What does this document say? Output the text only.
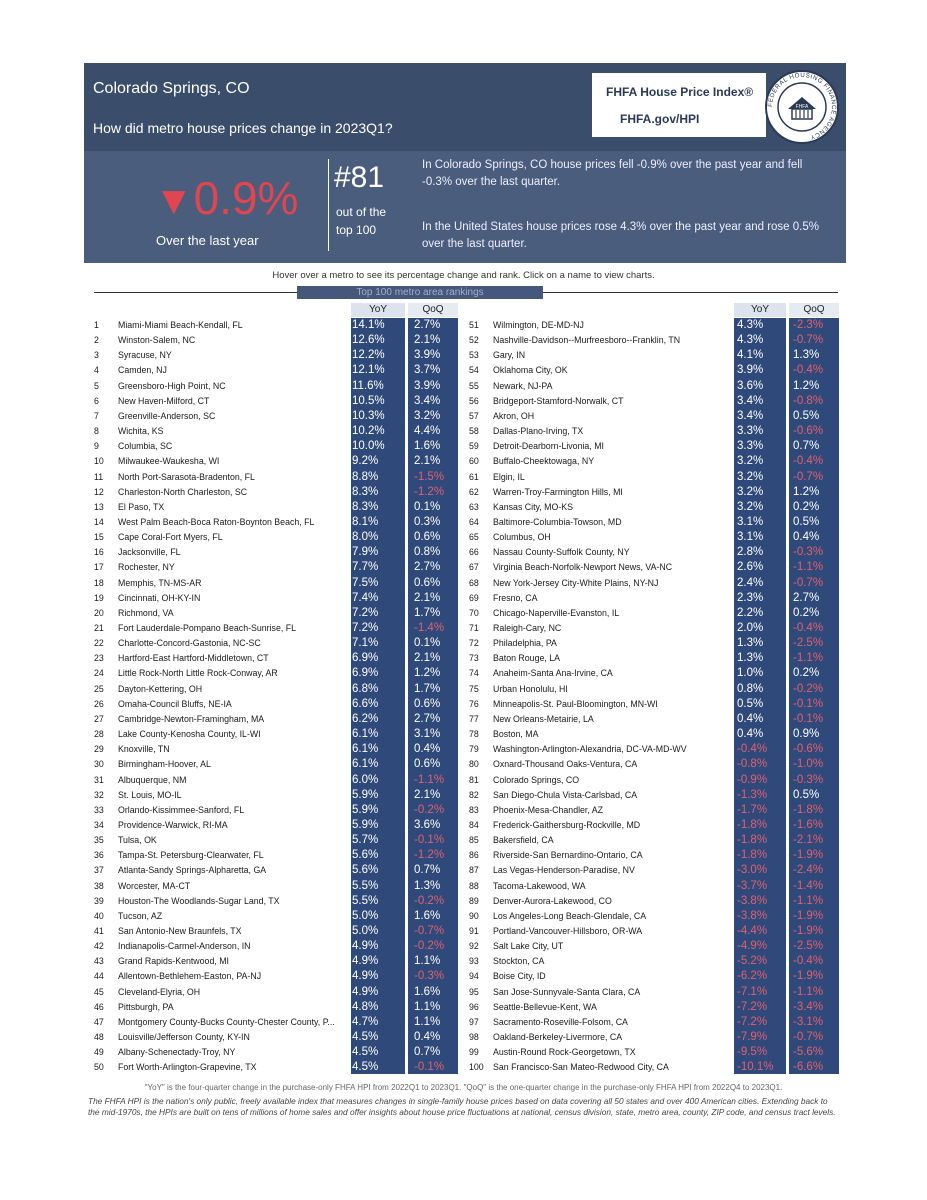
Colorado Springs, CO
How did metro house prices change in 2023Q1?
FHFA House Price Index®
FHFA.gov/HPI
FEDERAL HOUSING FINANCE AGENCY
FHFA
▼0.9%
Over the last year
#81
out of the top 100
In Colorado Springs, CO house prices fell -0.9% over the past year and fell -0.3% over the last quarter.
In the United States house prices rose 4.3% over the past year and rose 0.5% over the last quarter.
Hover over a metro to see its percentage change and rank. Click on a name to view charts.
Top 100 metro area rankings
YoY	QoQ	YoY	QoQ
1	Miami-Miami Beach-Kendall, FL	14.1%	2.7%
2	Winston-Salem, NC	12.6%	2.1%
3	Syracuse, NY	12.2%	3.9%
4	Camden, NJ	12.1%	3.7%
5	Greensboro-High Point, NC	11.6%	3.9%
6	New Haven-Milford, CT	10.5%	3.4%
7	Greenville-Anderson, SC	10.3%	3.2%
8	Wichita, KS	10.2%	4.4%
9	Columbia, SC	10.0%	1.6%
10	Milwaukee-Waukesha, WI	9.2%	2.1%
11	North Port-Sarasota-Bradenton, FL	8.8%	-1.5%
12	Charleston-North Charleston, SC	8.3%	-1.2%
13	El Paso, TX	8.3%	0.1%
14	West Palm Beach-Boca Raton-Boynton Beach, FL	8.1%	0.3%
15	Cape Coral-Fort Myers, FL	8.0%	0.6%
16	Jacksonville, FL	7.9%	0.8%
17	Rochester, NY	7.7%	2.7%
18	Memphis, TN-MS-AR	7.5%	0.6%
19	Cincinnati, OH-KY-IN	7.4%	2.1%
20	Richmond, VA	7.2%	1.7%
21	Fort Lauderdale-Pompano Beach-Sunrise, FL	7.2%	-1.4%
22	Charlotte-Concord-Gastonia, NC-SC	7.1%	0.1%
23	Hartford-East Hartford-Middletown, CT	6.9%	2.1%
24	Little Rock-North Little Rock-Conway, AR	6.9%	1.2%
25	Dayton-Kettering, OH	6.8%	1.7%
26	Omaha-Council Bluffs, NE-IA	6.6%	0.6%
27	Cambridge-Newton-Framingham, MA	6.2%	2.7%
28	Lake County-Kenosha County, IL-WI	6.1%	3.1%
29	Knoxville, TN	6.1%	0.4%
30	Birmingham-Hoover, AL	6.1%	0.6%
31	Albuquerque, NM	6.0%	-1.1%
32	St. Louis, MO-IL	5.9%	2.1%
33	Orlando-Kissimmee-Sanford, FL	5.9%	-0.2%
34	Providence-Warwick, RI-MA	5.9%	3.6%
35	Tulsa, OK	5.7%	-0.1%
36	Tampa-St. Petersburg-Clearwater, FL	5.6%	-1.2%
37	Atlanta-Sandy Springs-Alpharetta, GA	5.6%	0.7%
38	Worcester, MA-CT	5.5%	1.3%
39	Houston-The Woodlands-Sugar Land, TX	5.5%	-0.2%
40	Tucson, AZ	5.0%	1.6%
41	San Antonio-New Braunfels, TX	5.0%	-0.7%
42	Indianapolis-Carmel-Anderson, IN	4.9%	-0.2%
43	Grand Rapids-Kentwood, MI	4.9%	1.1%
44	Allentown-Bethlehem-Easton, PA-NJ	4.9%	-0.3%
45	Cleveland-Elyria, OH	4.9%	1.6%
46	Pittsburgh, PA	4.8%	1.1%
47	Montgomery County-Bucks County-Chester County, P...	4.7%	1.1%
48	Louisville/Jefferson County, KY-IN	4.5%	0.4%
49	Albany-Schenectady-Troy, NY	4.5%	0.7%
50	Fort Worth-Arlington-Grapevine, TX	4.5%	-0.1%
51	Wilmington, DE-MD-NJ	4.3%	-2.3%
52	Nashville-Davidson--Murfreesboro--Franklin, TN	4.3%	-0.7%
53	Gary, IN	4.1%	1.3%
54	Oklahoma City, OK	3.9%	-0.4%
55	Newark, NJ-PA	3.6%	1.2%
56	Bridgeport-Stamford-Norwalk, CT	3.4%	-0.8%
57	Akron, OH	3.4%	0.5%
58	Dallas-Plano-Irving, TX	3.3%	-0.6%
59	Detroit-Dearborn-Livonia, MI	3.3%	0.7%
60	Buffalo-Cheektowaga, NY	3.2%	-0.4%
61	Elgin, IL	3.2%	-0.7%
62	Warren-Troy-Farmington Hills, MI	3.2%	1.2%
63	Kansas City, MO-KS	3.2%	0.2%
64	Baltimore-Columbia-Towson, MD	3.1%	0.5%
65	Columbus, OH	3.1%	0.4%
66	Nassau County-Suffolk County, NY	2.8%	-0.3%
67	Virginia Beach-Norfolk-Newport News, VA-NC	2.6%	-1.1%
68	New York-Jersey City-White Plains, NY-NJ	2.4%	-0.7%
69	Fresno, CA	2.3%	2.7%
70	Chicago-Naperville-Evanston, IL	2.2%	0.2%
71	Raleigh-Cary, NC	2.0%	-0.4%
72	Philadelphia, PA	1.3%	-2.5%
73	Baton Rouge, LA	1.3%	-1.1%
74	Anaheim-Santa Ana-Irvine, CA	1.0%	0.2%
75	Urban Honolulu, HI	0.8%	-0.2%
76	Minneapolis-St. Paul-Bloomington, MN-WI	0.5%	-0.1%
77	New Orleans-Metairie, LA	0.4%	-0.1%
78	Boston, MA	0.4%	0.9%
79	Washington-Arlington-Alexandria, DC-VA-MD-WV	-0.4% -0.6%
80	Oxnard-Thousand Oaks-Ventura, CA	-0.8% -1.0%
81	Colorado Springs, CO	-0.9% -0.3%
82	San Diego-Chula Vista-Carlsbad, CA	-1.3% 0.5%
83	Phoenix-Mesa-Chandler, AZ	-1.7% -1.8%
84	Frederick-Gaithersburg-Rockville, MD	-1.8% -1.6%
85	Bakersfield, CA	-1.8% -2.1%
86	Riverside-San Bernardino-Ontario, CA	-1.8% -1.9%
87	Las Vegas-Henderson-Paradise, NV	-3.0% -2.4%
88	Tacoma-Lakewood, WA	-3.7% -1.4%
89	Denver-Aurora-Lakewood, CO	-3.8% -1.1%
90	Los Angeles-Long Beach-Glendale, CA	-3.8% -1.9%
91	Portland-Vancouver-Hillsboro, OR-WA	-4.4% -1.9%
92	Salt Lake City, UT	-4.9% -2.5%
93	Stockton, CA	-5.2% -0.4%
94	Boise City, ID	-6.2% -1.9%
95	San Jose-Sunnyvale-Santa Clara, CA	-7.1% -1.1%
96	Seattle-Bellevue-Kent, WA	-7.2% -3.4%
97	Sacramento-Roseville-Folsom, CA	-7.2% -3.1%
98	Oakland-Berkeley-Livermore, CA	-7.9% -0.7%
99	Austin-Round Rock-Georgetown, TX	-9.5% -5.6%
100	San Francisco-San Mateo-Redwood City, CA	-10.1% -6.6%
"YoY" is the four-quarter change in the purchase-only FHFA HPI from 2022Q1 to 2023Q1. "QoQ" is the one-quarter change in the purchase-only FHFA HPI from 2022Q4 to 2023Q1.
The FHFA HPI is the nation's only public, freely available index that measures changes in single-family house prices based on data covering all 50 states and over 400 American cities. Extending back to the mid-1970s, the HPIs are built on tens of millions of home sales and offer insights about house price fluctuations at national, census division, state, metro area, county, ZIP code, and census tract levels.
